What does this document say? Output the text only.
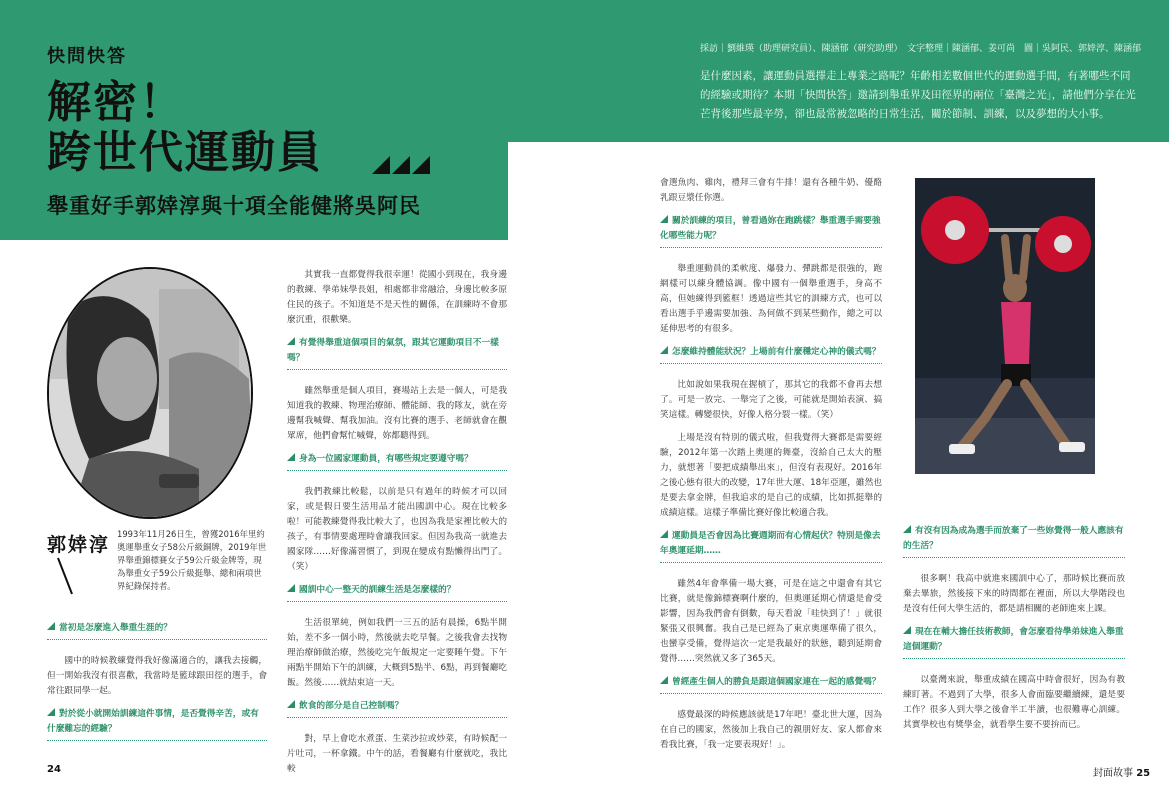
快問快答
解密！
跨世代運動員
舉重好手郭婞淳與十項全能健將吳阿民
採訪｜劉維瑛（助理研究員）、陳涵郁（研究助理）　文字整理｜陳涵郁、姜可尚　圖｜吳阿民、郭婞淳、陳涵郁
是什麼因素，讓運動員選擇走上專業之路呢？年齡相差數個世代的運動選手間，有著哪些不同的經驗或期待？本期「快問快答」邀請到舉重界及田徑界的兩位「臺灣之光」，請他們分享在光芒背後那些最辛勞，卻也最常被忽略的日常生活，關於節制、訓練，以及夢想的大小事。
郭婞淳 1993年11月26日生，曾獲2016年里約奧運舉重女子58公斤級銅牌，2019年世界舉重錦標賽女子59公斤級金牌等，現為舉重女子59公斤級挺舉、總和兩項世界紀錄保持者。
當初是怎麼進入舉重生涯的？

國中的時候教練覺得我好像滿適合的，讓我去接觸，但一開始我沒有很喜歡，我當時是籃球跟田徑的選手，會常往跟同學一起。

對於從小就開始訓練這件事情，是否覺得辛苦，或有什麼難忘的經驗？

其實我一直都覺得我很幸運！從國小到現在，我身邊的教練、學弟妹學長姐，相處都非常融洽，身邊比較多原住民的孩子。不知道是不是天性的關係，在訓練時不會那麼沉重，很歡樂。

有覺得舉重這個項目的氣氛，跟其它運動項目不一樣嗎？

雖然舉重是個人項目，賽場站上去是一個人，可是我知道我的教練、物理治療師、體能師、我的隊友，就在旁邊幫我喊聲、幫我加油。沒有比賽的選手、老師就會在觀眾席，他們會幫忙喊聲，妳都聽得到。

身為一位國家運動員，有哪些規定要遵守嗎？

我們教練比較鬆，以前是只有過年的時候才可以回家，或是假日要生活用品才能出國訓中心。現在比較多啦！可能教練覺得我比較大了，也因為我是家裡比較大的孩子，有事情要處理時會讓我回家。但因為我高一就進去國家隊……好像滿習慣了，到現在變成有點懶得出門了。（笑）

國訓中心一整天的訓練生活是怎麼樣的？

生活很單純，例如我們一三五的話有晨操，6點半開始，差不多一個小時，然後就去吃早餐。之後我會去找物理治療師做治療，然後吃完午飯規定一定要睡午覺。下午兩點半開始下午的訓練，大概到5點半、6點，再到餐廳吃飯。然後……就結束這一天。

飲食的部分是自己控制嗎？

對，早上會吃水煮蛋、生菜沙拉或炒菜，有時候配一片吐司，一杯拿鐵。中午的話，看餐廳有什麼就吃，我比較

會選魚肉、雞肉，禮拜三會有牛排！還有各種牛奶、優酪乳跟豆漿任你選。

關於訓練的項目，曾看過妳在跑跳樣？舉重選手需要強化哪些能力呢？

舉重運動員的柔軟度、爆發力、彈跳都是很強的，跑網樣可以練身體協調。像中國有一個舉重選手，身高不高，但她練得到籃框！透過這些其它的訓練方式，也可以看出選手乎邊需要加強、為何做不到某些動作，總之可以延伸思考的有很多。

怎麼維持體能狀況？上場前有什麼穩定心神的儀式嗎？

比如說如果我現在握槓了，那其它的我都不會再去想了。可是一放完、一舉完了之後，可能就是開始表演、搞笑這樣。轉變很快，好像人格分裂一樣。（笑）

上場是沒有特別的儀式啦，但我覺得大賽都是需要經驗，2012年第一次踏上奧運的舞臺，沒給自己太大的壓力，就想著「要把成績舉出來」，但沒有表現好。2016年之後心態有很大的改變，17年世大運、18年亞運，雖然也是要去拿金牌，但我追求的是自己的成績，比如抓挺舉的成績這樣。這樣子準備比賽好像比較適合我。

運動員是否會因為比賽週期而有心情起伏？特別是像去年奧運延期……

雖然4年會準備一場大賽，可是在這之中還會有其它比賽，就是像錦標賽啊什麼的，但奧運延期心情還是會受影響，因為我們會有倒數，每天看說「哇快到了！」就很緊張又很興奮。我自己是已經為了東京奧運準備了很久，也蠻享受備，覺得這次一定是我最好的狀態，聽到延期會覺得……突然就又多了365天。

曾經產生個人的勝負是跟這個國家連在一起的感覺嗎？

感覺最深的時候應該就是17年吧！臺北世大運，因為在自己的國家，然後加上我自己的親朋好友、家人都會來看我比賽，「我一定要表現好！」。

有沒有因為成為選手而放棄了一些妳覺得一般人應該有的生活？

很多啊！我高中就進來國訓中心了，那時候比賽而放棄去畢旅，然後接下來的時間都在裡面，所以大學階段也是沒有任何大學生活的，都是請相關的老師進來上課。

現在在輔大擔任技術教師，會怎麼看待學弟妹進入舉重這個運動？

以臺灣來說，舉重成績在國高中時會很好，因為有教練盯著。不過到了大學，很多人會面臨要繼續練，還是要工作？很多人到大學之後會半工半讀，也很難專心訓練。其實學校也有獎學金，就看學生要不要拚而已。

24	封面故事 25
